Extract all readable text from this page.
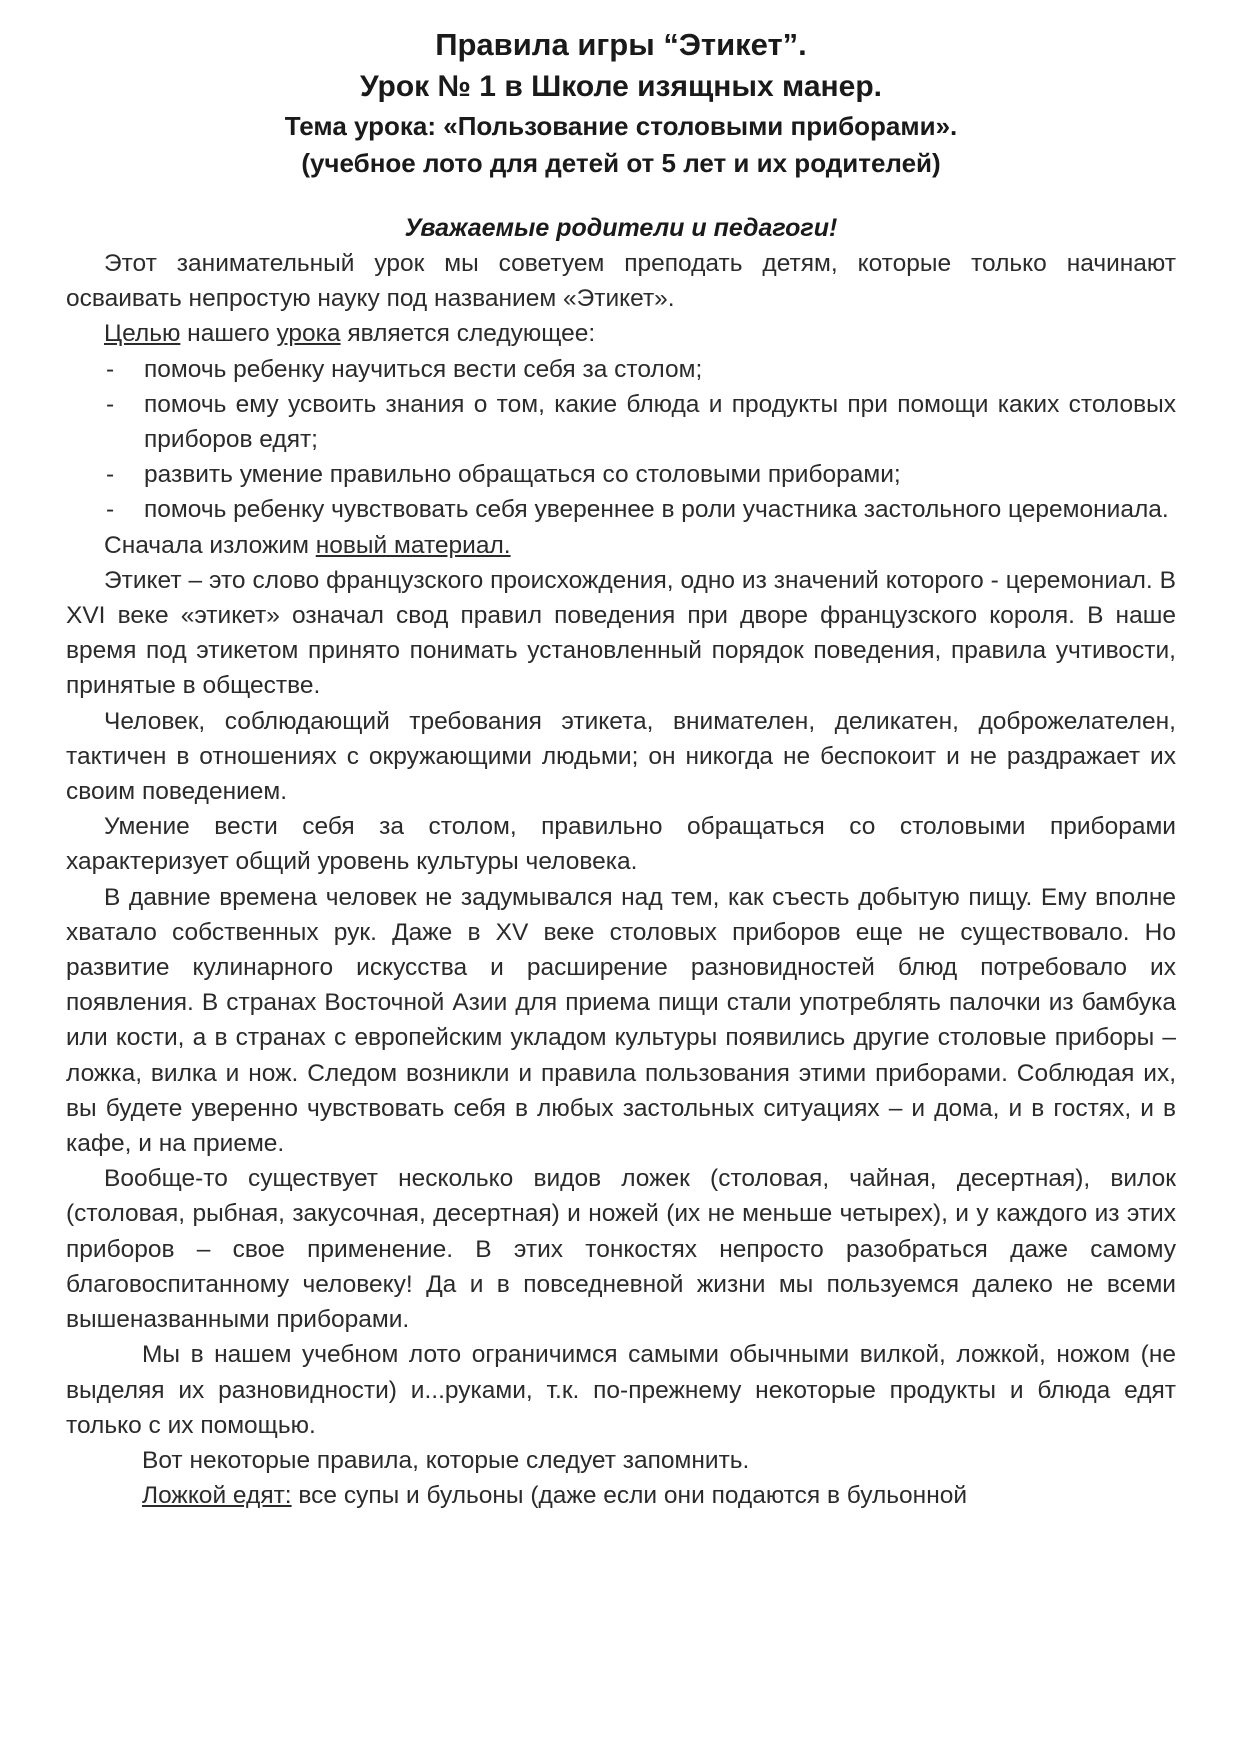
Правила игры “Этикет”.

Урок № 1 в Школе изящных манер.

Тема урока: «Пользование столовыми приборами».

(учебное лото для детей от 5 лет и их родителей)

Уважаемые родители и педагоги!

Этот занимательный урок мы советуем преподать детям, которые только начинают осваивать непростую науку под названием «Этикет».

Целью нашего урока является следующее:

- помочь ребенку научиться вести себя за столом;
- помочь ему усвоить знания о том, какие блюда и продукты при помощи каких столовых приборов едят;
- развить умение правильно обращаться со столовыми приборами;
- помочь ребенку чувствовать себя увереннее в роли участника застольного церемониала.

Сначала изложим новый материал.

Этикет – это слово французского происхождения, одно из значений которого - церемониал. В XVI веке «этикет» означал свод правил поведения при дворе французского короля. В наше время под этикетом принято понимать установленный порядок поведения, правила учтивости, принятые в обществе.

Человек, соблюдающий требования этикета, внимателен, деликатен, доброжелателен, тактичен в отношениях с окружающими людьми; он никогда не беспокоит и не раздражает их своим поведением.

Умение вести себя за столом, правильно обращаться со столовыми приборами характеризует общий уровень культуры человека.

В давние времена человек не задумывался над тем, как съесть добытую пищу. Ему вполне хватало собственных рук. Даже в XV веке столовых приборов еще не существовало. Но развитие кулинарного искусства и расширение разновидностей блюд потребовало их появления. В странах Восточной Азии для приема пищи стали употреблять палочки из бамбука или кости, а в странах с европейским укладом культуры появились другие столовые приборы – ложка, вилка и нож. Следом возникли и правила пользования этими приборами. Соблюдая их, вы будете уверенно чувствовать себя в любых застольных ситуациях – и дома, и в гостях, и в кафе, и на приеме.

Вообще-то существует несколько видов ложек (столовая, чайная, десертная), вилок (столовая, рыбная, закусочная, десертная) и ножей (их не меньше четырех), и у каждого из этих приборов – свое применение. В этих тонкостях непросто разобраться даже самому благовоспитанному человеку! Да и в повседневной жизни мы пользуемся далеко не всеми вышеназванными приборами.

Мы в нашем учебном лото ограничимся самыми обычными вилкой, ложкой, ножом (не выделяя их разновидности) и...руками, т.к. по-прежнему некоторые продукты и блюда едят только с их помощью.

Вот некоторые правила, которые следует запомнить.

Ложкой едят: все супы и бульоны (даже если они подаются в бульонной
